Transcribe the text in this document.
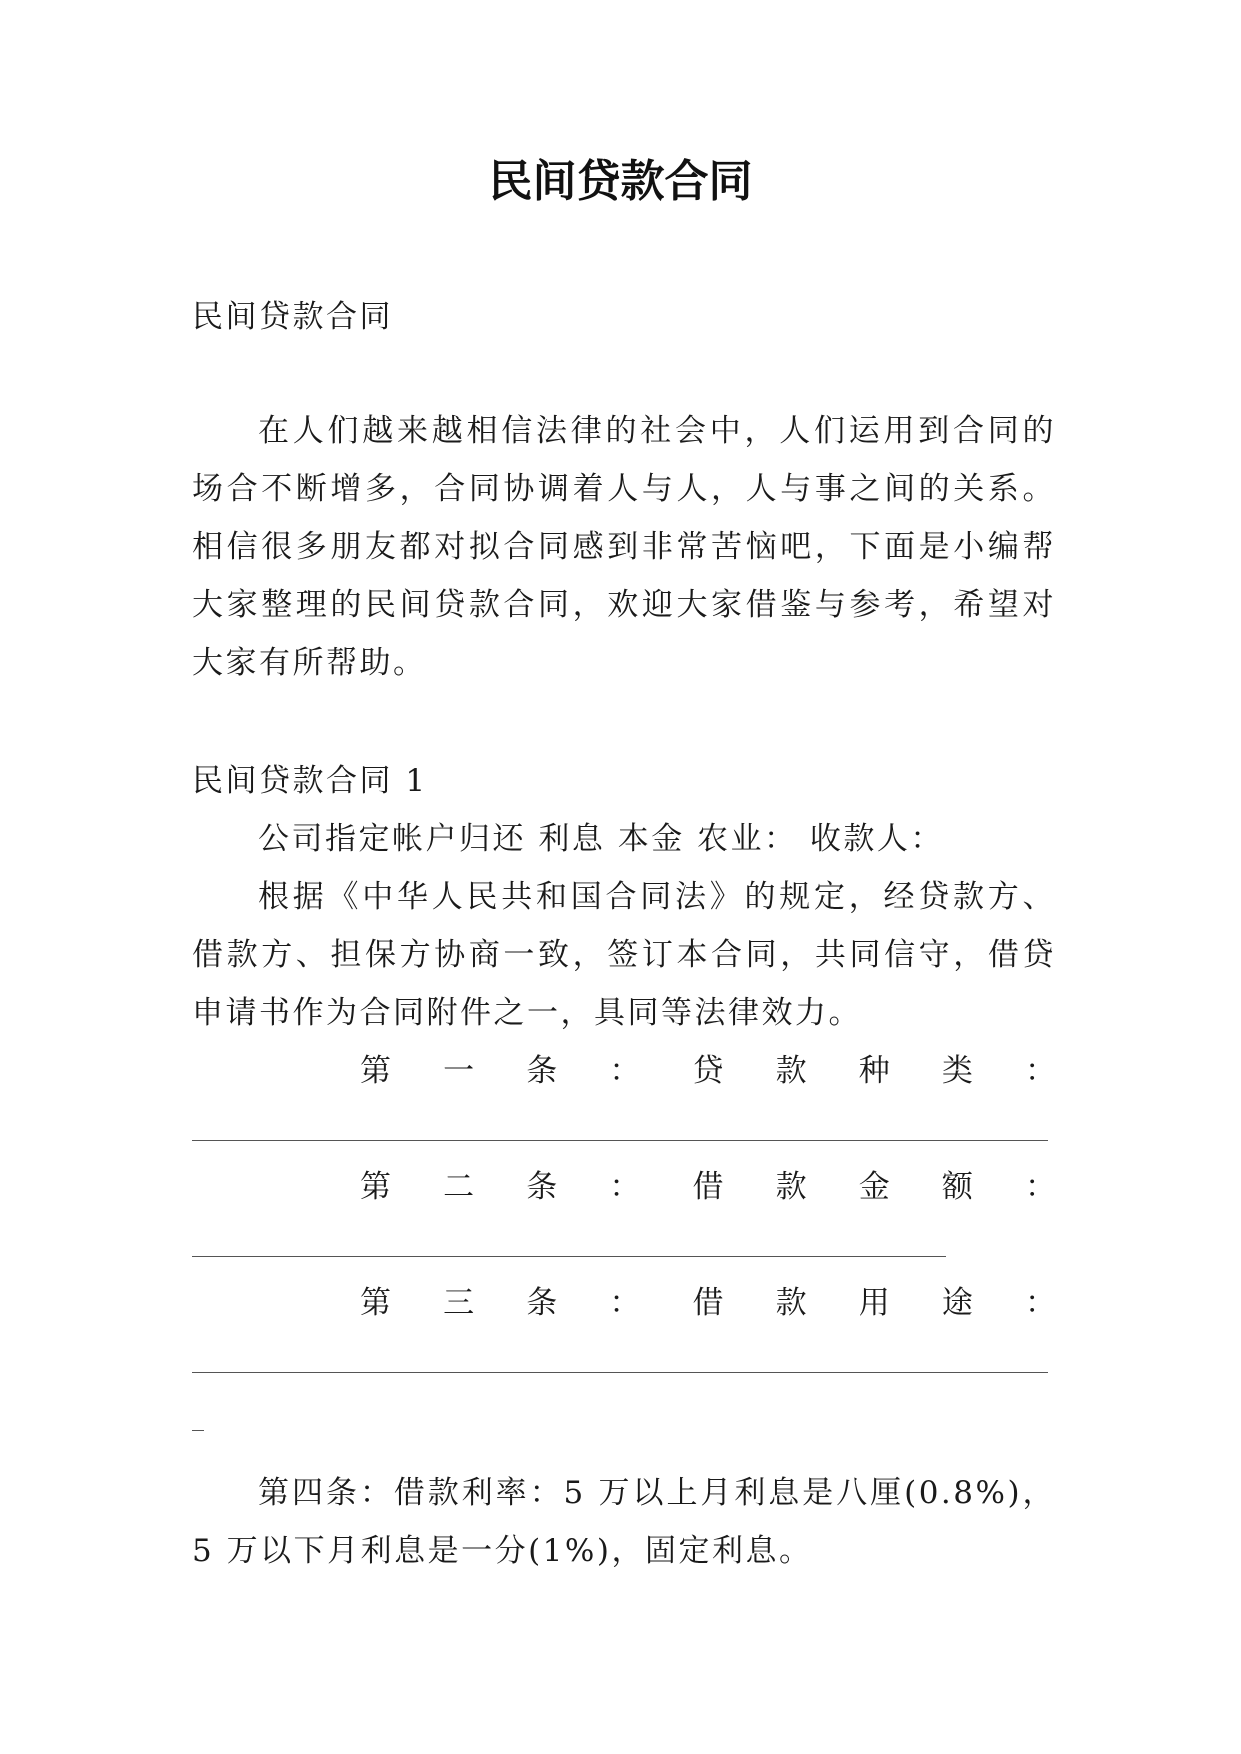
民间贷款合同

民间贷款合同

在人们越来越相信法律的社会中，人们运用到合同的场合不断增多，合同协调着人与人，人与事之间的关系。相信很多朋友都对拟合同感到非常苦恼吧，下面是小编帮大家整理的民间贷款合同，欢迎大家借鉴与参考，希望对大家有所帮助。

民间贷款合同 1

公司指定帐户归还 利息 本金 农业： 收款人：

根据《中华人民共和国合同法》的规定，经贷款方、借款方、担保方协商一致，签订本合同，共同信守，借贷申请书作为合同附件之一，具同等法律效力。

第 一 条 ： 贷 款 种 类 ：
第 二 条 ： 借 款 金 额 ：
第 三 条 ： 借 款 用 途 ：

第四条：借款利率：5 万以上月利息是八厘(0.8%)，5 万以下月利息是一分(1%)，固定利息。
